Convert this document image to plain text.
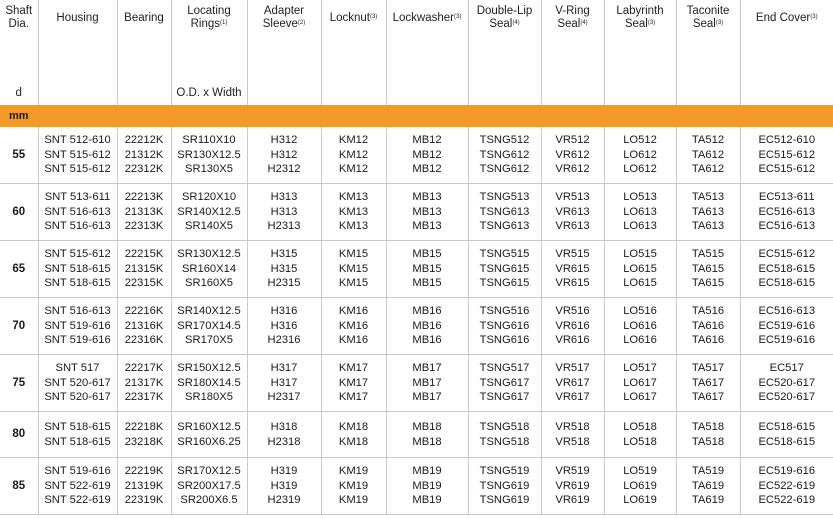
Shaft
Dia.
d	Housing	Bearing	Locating
Rings$^{(1)}$
O.D. x Width	Adapter
Sleeve$^{(2)}$	Locknut$^{(3)}$	Lockwasher$^{(3)}$	Double-Lip
Seal$^{(4)}$	V-Ring
Seal$^{(4)}$	Labyrinth
Seal$^{(3)}$	Taconite
Seal$^{(3)}$	End Cover$^{(3)}$

mm											
55	SNT 512-610
SNT 515-612
SNT 515-612	22212K
21312K
22312K	SR110X10
SR130X12.5
SR130X5	H312
H312
H2312	KM12
KM12
KM12	MB12
MB12
MB12	TSNG512
TSNG612
TSNG612	VR512
VR612
VR612	LO512
LO612
LO612	TA512
TA612
TA612	EC512-610
EC515-612
EC515-612

60	SNT 513-611
SNT 516-613
SNT 516-613	22213K
21313K
22313K	SR120X10
SR140X12.5
SR140X5	H313
H313
H2313	KM13
KM13
KM13	MB13
MB13
MB13	TSNG513
TSNG613
TSNG613	VR513
VR613
VR613	LO513
LO613
LO613	TA513
TA613
TA613	EC513-611
EC516-613
EC516-613

65	SNT 515-612
SNT 518-615
SNT 518-615	22215K
21315K
22315K	SR130X12.5
SR160X14
SR160X5	H315
H315
H2315	KM15
KM15
KM15	MB15
MB15
MB15	TSNG515
TSNG615
TSNG615	VR515
VR615
VR615	LO515
LO615
LO615	TA515
TA615
TA615	EC515-612
EC518-615
EC518-615

70	SNT 516-613
SNT 519-616
SNT 519-616	22216K
21316K
22316K	SR140X12.5
SR170X14.5
SR170X5	H316
H316
H2316	KM16
KM16
KM16	MB16
MB16
MB16	TSNG516
TSNG616
TSNG616	VR516
VR616
VR616	LO516
LO616
LO616	TA516
TA616
TA616	EC516-613
EC519-616
EC519-616

75	SNT 517
SNT 520-617
SNT 520-617	22217K
21317K
22317K	SR150X12.5
SR180X14.5
SR180X5	H317
H317
H2317	KM17
KM17
KM17	MB17
MB17
MB17	TSNG517
TSNG617
TSNG617	VR517
VR617
VR617	LO517
LO617
LO617	TA517
TA617
TA617	EC517
EC520-617
EC520-617

80	SNT 518-615
SNT 518-615	22218K
23218K	SR160X12.5
SR160X6.25	H318
H2318	KM18
KM18	MB18
MB18	TSNG518
TSNG518	VR518
VR518	LO518
LO518	TA518
TA518	EC518-615
EC518-615

85	SNT 519-616
SNT 522-619
SNT 522-619	22219K
21319K
22319K	SR170X12.5
SR200X17.5
SR200X6.5	H319
H319
H2319	KM19
KM19
KM19	MB19
MB19
MB19	TSNG519
TSNG619
TSNG619	VR519
VR619
VR619	LO519
LO619
LO619	TA519
TA619
TA619	EC519-616
EC522-619
EC522-619
